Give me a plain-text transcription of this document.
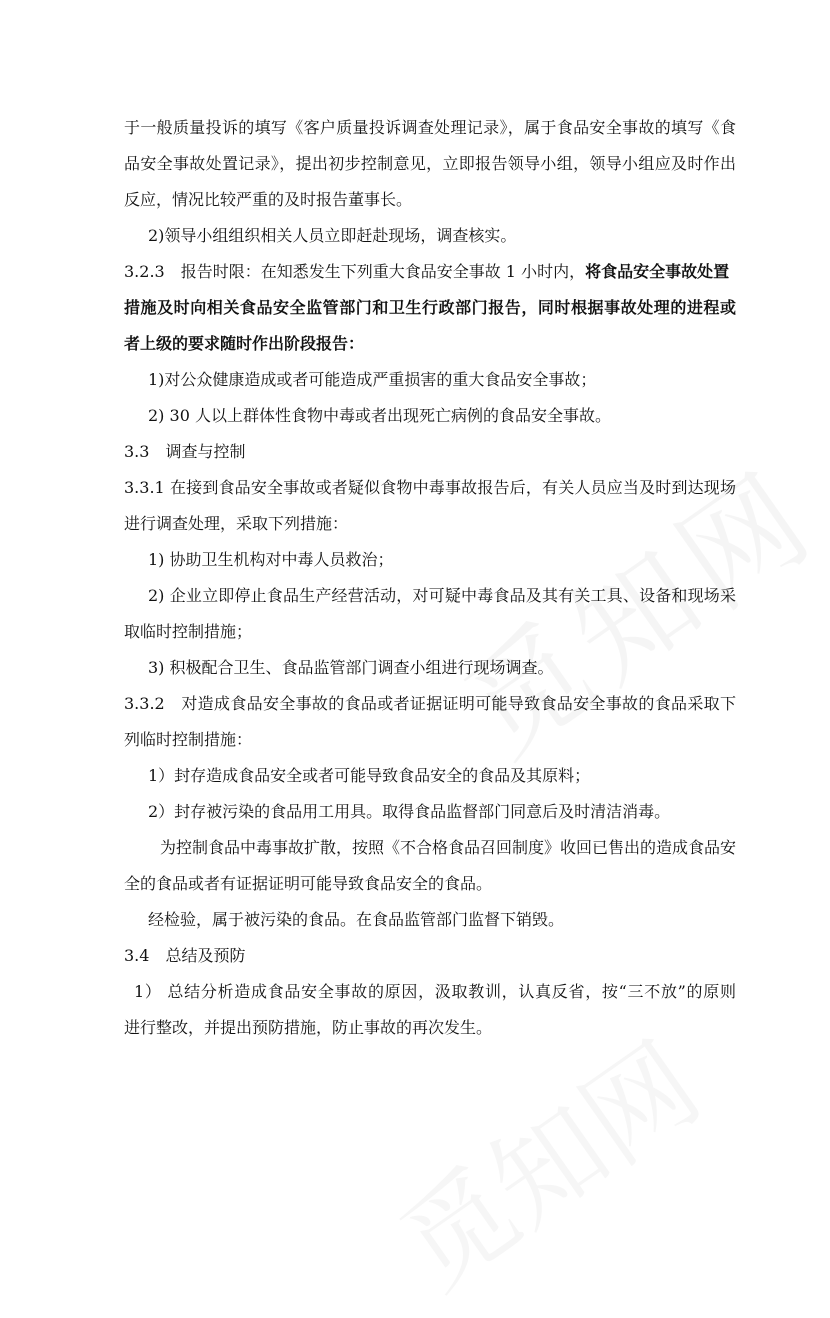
于一般质量投诉的填写《客户质量投诉调查处理记录》，属于食品安全事故的填写《食
品安全事故处置记录》，提出初步控制意见，立即报告领导小组，领导小组应及时作出
反应，情况比较严重的及时报告董事长。
2)领导小组组织相关人员立即赶赴现场，调查核实。
3.2.3　报告时限：在知悉发生下列重大食品安全事故 1 小时内，将食品安全事故处置
措施及时向相关食品安全监管部门和卫生行政部门报告，同时根据事故处理的进程或
者上级的要求随时作出阶段报告：
1)对公众健康造成或者可能造成严重损害的重大食品安全事故；
2) 30 人以上群体性食物中毒或者出现死亡病例的食品安全事故。
3.3　调查与控制
3.3.1 在接到食品安全事故或者疑似食物中毒事故报告后，有关人员应当及时到达现场
进行调查处理，采取下列措施：
1) 协助卫生机构对中毒人员救治；
2) 企业立即停止食品生产经营活动，对可疑中毒食品及其有关工具、设备和现场采
取临时控制措施；
3) 积极配合卫生、食品监管部门调查小组进行现场调查。
3.3.2　对造成食品安全事故的食品或者证据证明可能导致食品安全事故的食品采取下
列临时控制措施：
1）封存造成食品安全或者可能导致食品安全的食品及其原料；
2）封存被污染的食品用工用具。取得食品监督部门同意后及时清洁消毒。
为控制食品中毒事故扩散，按照《不合格食品召回制度》收回已售出的造成食品安
全的食品或者有证据证明可能导致食品安全的食品。
经检验，属于被污染的食品。在食品监管部门监督下销毁。
3.4　总结及预防
1） 总结分析造成食品安全事故的原因，汲取教训，认真反省，按“三不放”的原则
进行整改，并提出预防措施，防止事故的再次发生。
